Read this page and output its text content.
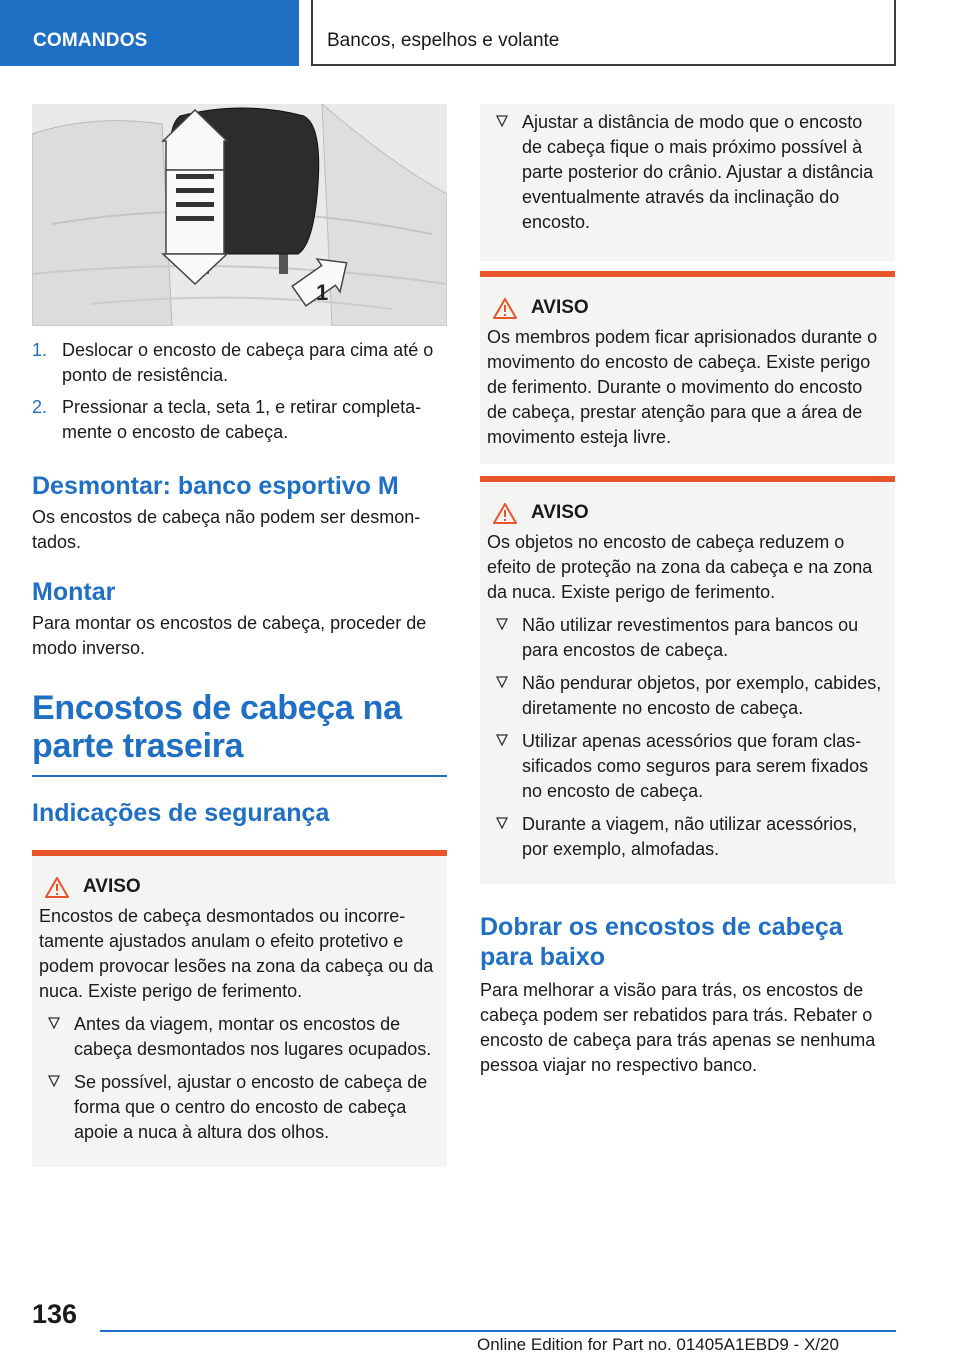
COMANDOS	Bancos, espelhos e volante
1
1. Deslocar o encosto de cabeça para cima até o ponto de resistência.
2. Pressionar a tecla, seta 1, e retirar completamente o encosto de cabeça.
Desmontar: banco esportivo M

Os encostos de cabeça não podem ser desmontados.

Montar

Para montar os encostos de cabeça, proceder de modo inverso.

Encostos de cabeça na parte traseira
Indicações de segurança
AVISO

Encostos de cabeça desmontados ou incorretamente ajustados anulam o efeito protetivo e podem provocar lesões na zona da cabeça ou da nuca. Existe perigo de ferimento.

Antes da viagem, montar os encostos de cabeça desmontados nos lugares ocupados.
Se possível, ajustar o encosto de cabeça de forma que o centro do encosto de cabeça apoie a nuca à altura dos olhos.
Ajustar a distância de modo que o encosto de cabeça fique o mais próximo possível à parte posterior do crânio. Ajustar a distância eventualmente através da inclinação do encosto.
AVISO

Os membros podem ficar aprisionados durante o movimento do encosto de cabeça. Existe perigo de ferimento. Durante o movimento do encosto de cabeça, prestar atenção para que a área de movimento esteja livre.

AVISO

Os objetos no encosto de cabeça reduzem o efeito de proteção na zona da cabeça e na zona da nuca. Existe perigo de ferimento.

Não utilizar revestimentos para bancos ou para encostos de cabeça.
Não pendurar objetos, por exemplo, cabides, diretamente no encosto de cabeça.
Utilizar apenas acessórios que foram classificados como seguros para serem fixados no encosto de cabeça.
Durante a viagem, não utilizar acessórios, por exemplo, almofadas.
Dobrar os encostos de cabeça para baixo

Para melhorar a visão para trás, os encostos de cabeça podem ser rebatidos para trás. Rebater o encosto de cabeça para trás apenas se nenhuma pessoa viajar no respectivo banco.

136
Online Edition for Part no. 01405A1EBD9 - X/20
